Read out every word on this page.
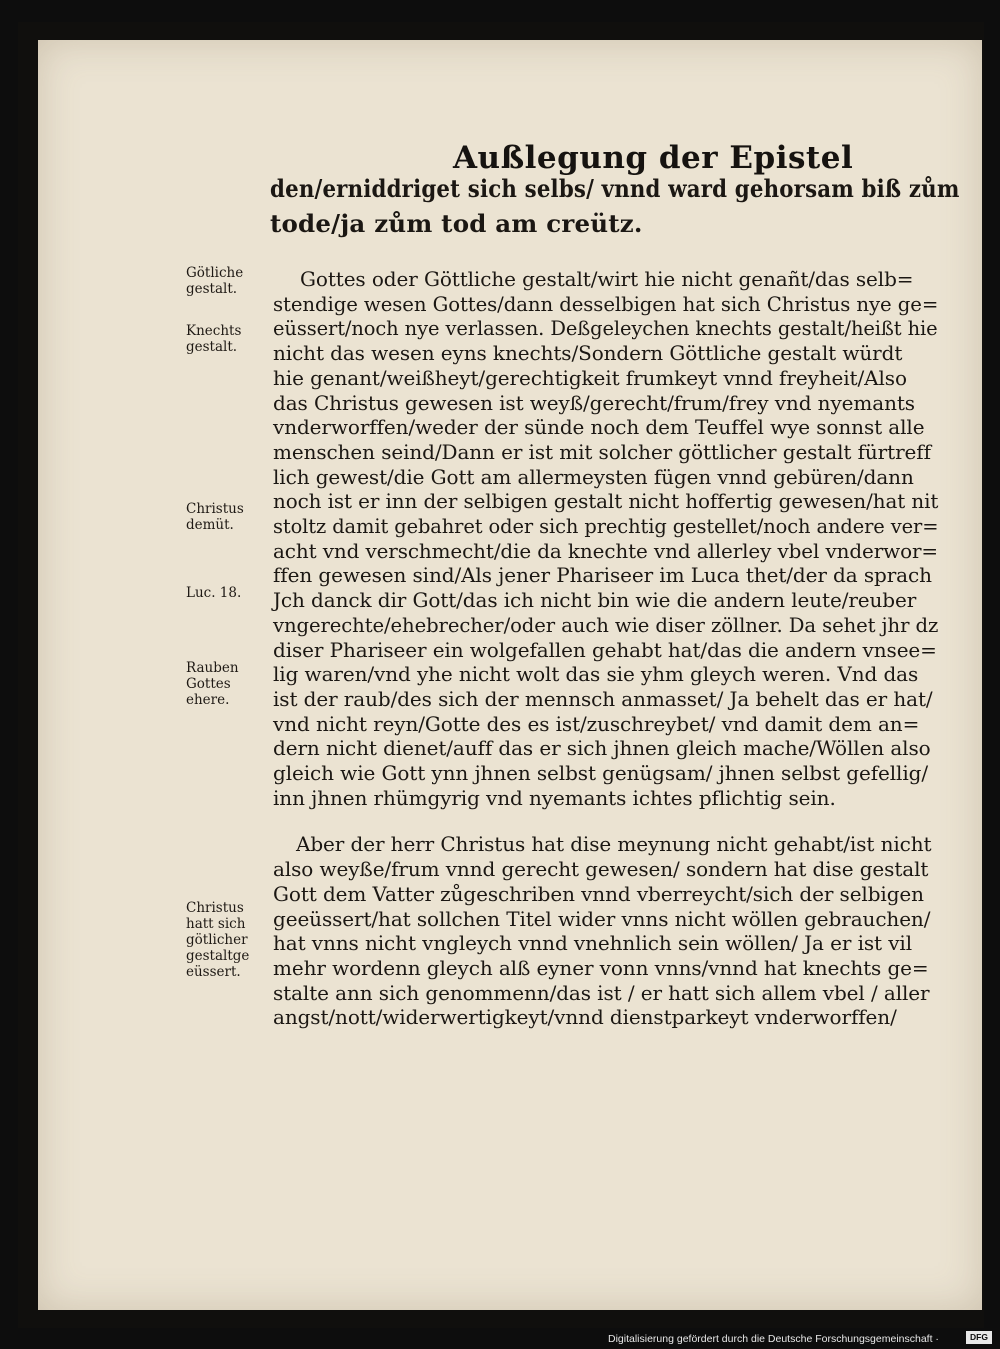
Außlegung der Epistel
den/erniddriget sich selbs/ vnnd ward gehorsam biß zům
tode/ja zům tod am creütz.
Gottes oder Göttliche gestalt/wirt hie nicht genañt/das selb=
stendige wesen Gottes/dann desselbigen hat sich Christus nye ge=
eüssert/noch nye verlassen. Deßgeleychen knechts gestalt/heißt hie
nicht das wesen eyns knechts/Sondern Göttliche gestalt würdt
hie genant/weißheyt/gerechtigkeit frumkeyt vnnd freyheit/Also
das Christus gewesen ist weyß/gerecht/frum/frey vnd nyemants
vnderworffen/weder der sünde noch dem Teuffel wye sonnst alle
menschen seind/Dann er ist mit solcher göttlicher gestalt fürtreff
lich gewest/die Gott am allermeysten fügen vnnd gebüren/dann
noch ist er inn der selbigen gestalt nicht hoffertig gewesen/hat nit
stoltz damit gebahret oder sich prechtig gestellet/noch andere ver=
acht vnd verschmecht/die da knechte vnd allerley vbel vnderwor=
ffen gewesen sind/Als jener Phariseer im Luca thet/der da sprach
Jch danck dir Gott/das ich nicht bin wie die andern leute/reuber
vngerechte/ehebrecher/oder auch wie diser zöllner. Da sehet jhr dz
diser Phariseer ein wolgefallen gehabt hat/das die andern vnsee=
lig waren/vnd yhe nicht wolt das sie yhm gleych weren. Vnd das
ist der raub/des sich der mennsch anmasset/ Ja behelt das er hat/
vnd nicht reyn/Gotte des es ist/zuschreybet/ vnd damit dem an=
dern nicht dienet/auff das er sich jhnen gleich mache/Wöllen also
gleich wie Gott ynn jhnen selbst genügsam/ jhnen selbst gefellig/
inn jhnen rhümgyrig vnd nyemants ichtes pflichtig sein.
Aber der herr Christus hat dise meynung nicht gehabt/ist nicht
also weyße/frum vnnd gerecht gewesen/ sondern hat dise gestalt
Gott dem Vatter zůgeschriben vnnd vberreycht/sich der selbigen
geeüssert/hat sollchen Titel wider vnns nicht wöllen gebrauchen/
hat vnns nicht vngleych vnnd vnehnlich sein wöllen/ Ja er ist vil
mehr wordenn gleych alß eyner vonn vnns/vnnd hat knechts ge=
stalte ann sich genommenn/das ist / er hatt sich allem vbel / aller
angst/nott/widerwertigkeyt/vnnd dienstparkeyt vnderworffen/
Götliche
gestalt.
Knechts
gestalt.
Christus
demüt.
Luc. 18.
Rauben
Gottes
ehere.
Christus
hatt sich
götlicher
gestaltge
eüssert.
Digitalisierung gefördert durch die Deutsche Forschungsgemeinschaft ·	DFG
